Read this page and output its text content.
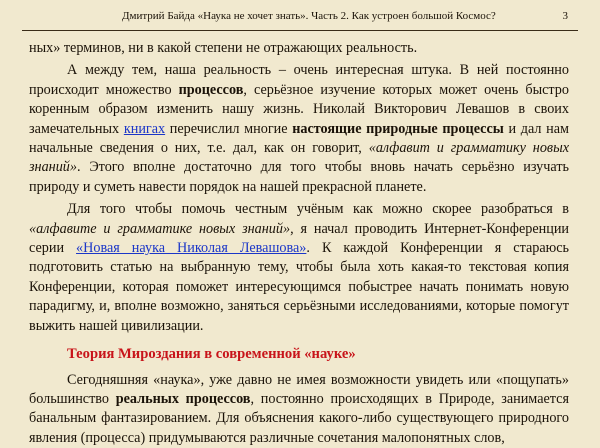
Дмитрий Байда «Наука не хочет знать». Часть 2. Как устроен большой Космос?	3

ных» терминов, ни в какой степени не отражающих реальность.

А между тем, наша реальность – очень интересная штука. В ней постоянно происходит множество процессов, серьёзное изучение которых может очень быстро коренным образом изменить нашу жизнь. Николай Викторович Левашов в своих замечательных книгах перечислил многие настоящие природные процессы и дал нам начальные сведения о них, т.е. дал, как он говорит, «алфавит и грамматику новых знаний». Этого вполне достаточно для того чтобы вновь начать серьёзно изучать природу и суметь навести порядок на нашей прекрасной планете.

Для того чтобы помочь честным учёным как можно скорее разобраться в «алфавите и грамматике новых знаний», я начал проводить Интернет-Конференции серии «Новая наука Николая Левашова». К каждой Конференции я стараюсь подготовить статью на выбранную тему, чтобы была хоть какая-то текстовая копия Конференции, которая поможет интересующимся побыстрее начать понимать новую парадигму, и, вполне возможно, заняться серьёзными исследованиями, которые помогут выжить нашей цивилизации.

Теория Мироздания в современной «науке»

Сегодняшняя «наука», уже давно не имея возможности увидеть или «пощупать» большинство реальных процессов, постоянно происходящих в Природе, занимается банальным фантазированием. Для объяснения какого-либо существующего природного явления (процесса) придумываются различные сочетания малопонятных слов,
